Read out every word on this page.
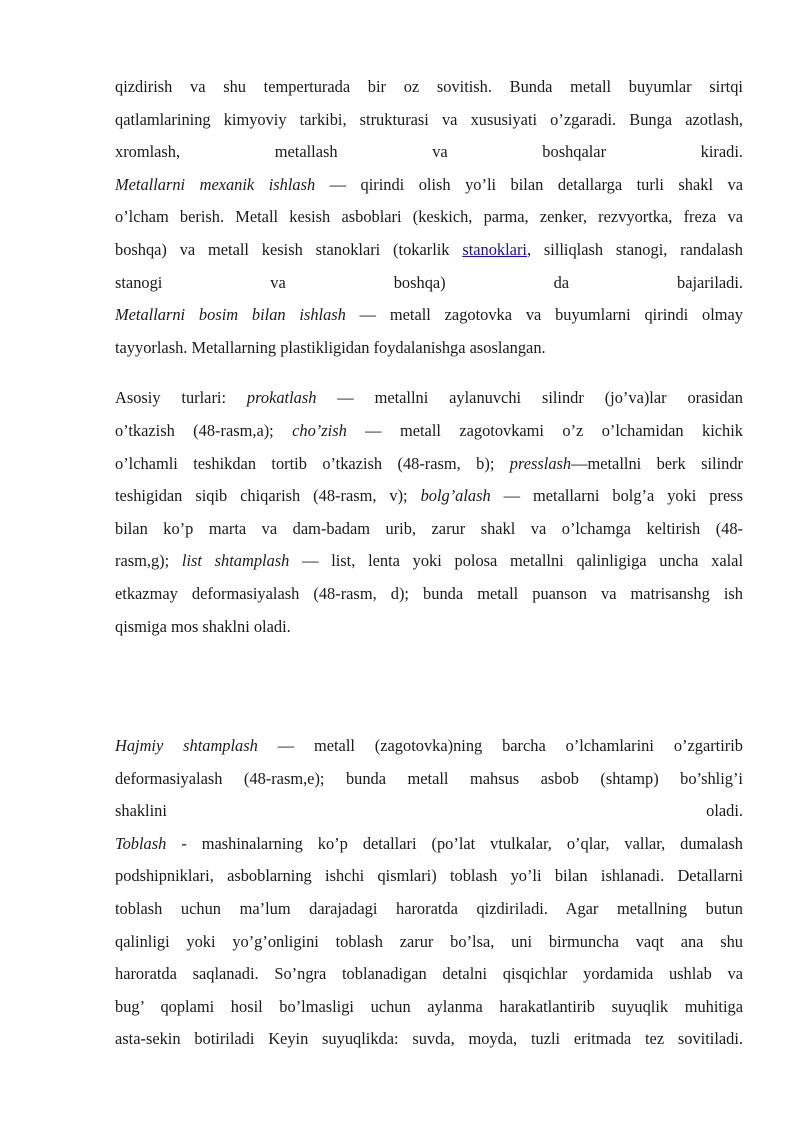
qizdirish va shu temperturada bir oz sovitish. Bunda metall buyumlar sirtqi
qatlamlarining kimyoviy tarkibi, strukturasi va xususiyati o’zgaradi. Bunga azotlash,
xromlash, metallash va boshqalar kiradi.

Metallarni mexanik ishlash — qirindi olish yo’li bilan detallarga turli shakl va
o’lcham berish. Metall kesish asboblari (keskich, parma, zenker, rezvyortka, freza va
boshqa) va metall kesish stanoklari (tokarlik stanoklari, silliqlash stanogi, randalash
stanogi va boshqa) da bajariladi.

Metallarni bosim bilan ishlash — metall zagotovka va buyumlarni qirindi olmay
tayyorlash. Metallarning plastikligidan foydalanishga asoslangan.

Asosiy turlari: prokatlash — metallni aylanuvchi silindr (jo’va)lar orasidan
o’tkazish (48-rasm,a); cho’zish — metall zagotovkami o’z o’lchamidan kichik
o’lchamli teshikdan tortib o’tkazish (48-rasm, b); presslash—metallni berk silindr
teshigidan siqib chiqarish (48-rasm, v); bolg’alash — metallarni bolg’a yoki press
bilan ko’p marta va dam-badam urib, zarur shakl va o’lchamga keltirish (48-
rasm,g); list shtamplash — list, lenta yoki polosa metallni qalinligiga uncha xalal
etkazmay deformasiyalash (48-rasm, d); bunda metall puanson va matrisanshg ish
qismiga mos shaklni oladi.

Hajmiy shtamplash — metall (zagotovka)ning barcha o’lchamlarini o’zgartirib
deformasiyalash (48-rasm,e); bunda metall mahsus asbob (shtamp) bo’shlig’i
shaklini oladi.

Toblash - mashinalarning ko’p detallari (po’lat vtulkalar, o’qlar, vallar, dumalash
podshipniklari, asboblarning ishchi qismlari) toblash yo’li bilan ishlanadi. Detallarni
toblash uchun ma’lum darajadagi haroratda qizdiriladi. Agar metallning butun
qalinligi yoki yo’g’onligini toblash zarur bo’lsa, uni birmuncha vaqt ana shu
haroratda saqlanadi. So’ngra toblanadigan detalni qisqichlar yordamida ushlab va
bug’ qoplami hosil bo’lmasligi uchun aylanma harakatlantirib suyuqlik muhitiga
asta-sekin botiriladi Keyin suyuqlikda: suvda, moyda, tuzli eritmada tez sovitiladi.
